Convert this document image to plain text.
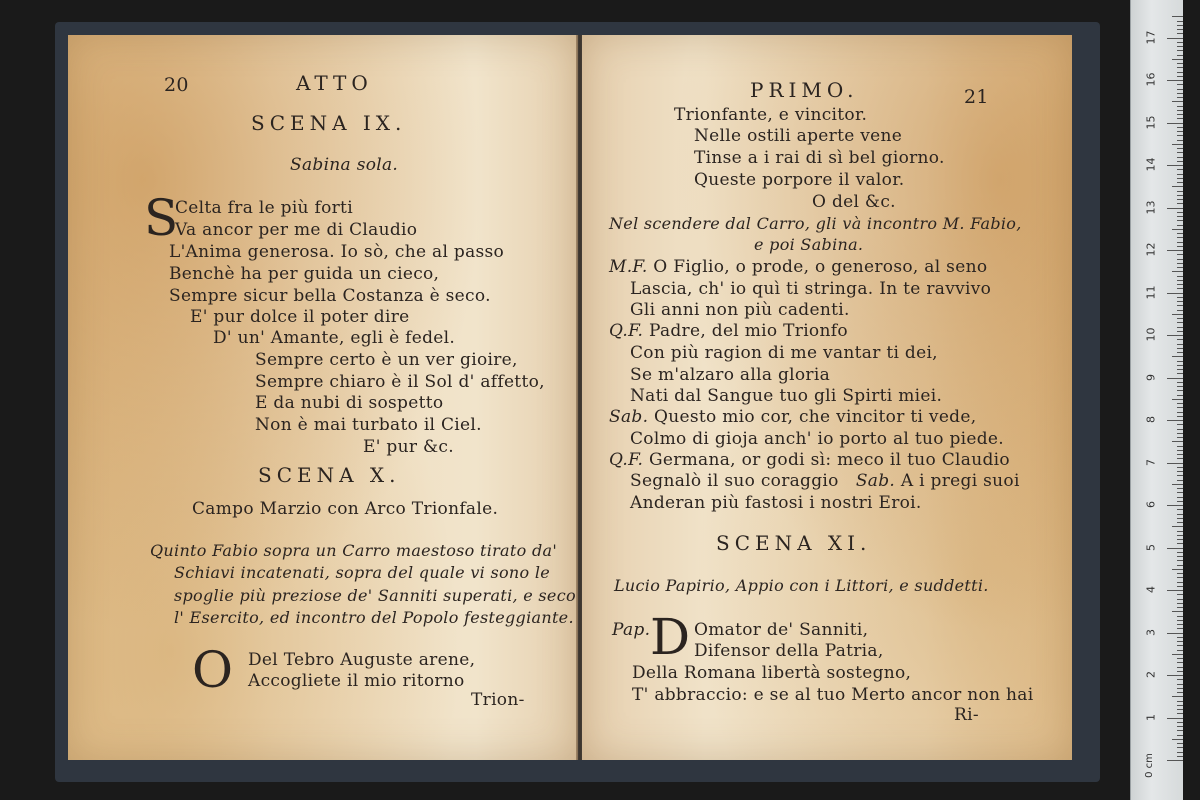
20	ATTO
SCENA IX.
Sabina sola.
S
Celta fra le più forti
Va ancor per me di Claudio
L'Anima generosa. Io sò, che al passo
Benchè ha per guida un cieco,
Sempre sicur bella Costanza è seco.
E' pur dolce il poter dire
D' un' Amante, egli è fedel.
Sempre certo è un ver gioire,
Sempre chiaro è il Sol d' affetto,
E da nubi di sospetto
Non è mai turbato il Ciel.
E' pur &c.
SCENA X.
Campo Marzio con Arco Trionfale.
Quinto Fabio sopra un Carro maestoso tirato da'
Schiavi incatenati, sopra del quale vi sono le
spoglie più preziose de' Sanniti superati, e seco
l' Esercito, ed incontro del Popolo festeggiante.
O Del Tebro Auguste arene,
Accogliete il mio ritorno
Trion-
PRIMO.	21
Trionfante, e vincitor.
Nelle ostili aperte vene
Tinse a i rai di sì bel giorno.
Queste porpore il valor.
O del &c.
Nel scendere dal Carro, gli và incontro M. Fabio,
e poi Sabina.
M.F. O Figlio, o prode, o generoso, al seno
Lascia, ch' io quì ti stringa. In te ravvivo
Gli anni non più cadenti.
Q.F. Padre, del mio Trionfo
Con più ragion di me vantar ti dei,
Se m'alzaro alla gloria
Nati dal Sangue tuo gli Spirti miei.
Sab. Questo mio cor, che vincitor ti vede,
Colmo di gioja anch' io porto al tuo piede.
Q.F. Germana, or godi sì: meco il tuo Claudio
Segnalò il suo coraggio Sab. A i pregi suoi
Anderan più fastosi i nostri Eroi.
SCENA XI.
Lucio Papirio, Appio con i Littori, e suddetti.
Pap. D Omator de' Sanniti,
Difensor della Patria,
Della Romana libertà sostegno,
T' abbraccio: e se al tuo Merto ancor non hai
Ri-
0 cm
1
2
3
4
5
6
7
8
9
10
11
12
13
14
15
16
17
